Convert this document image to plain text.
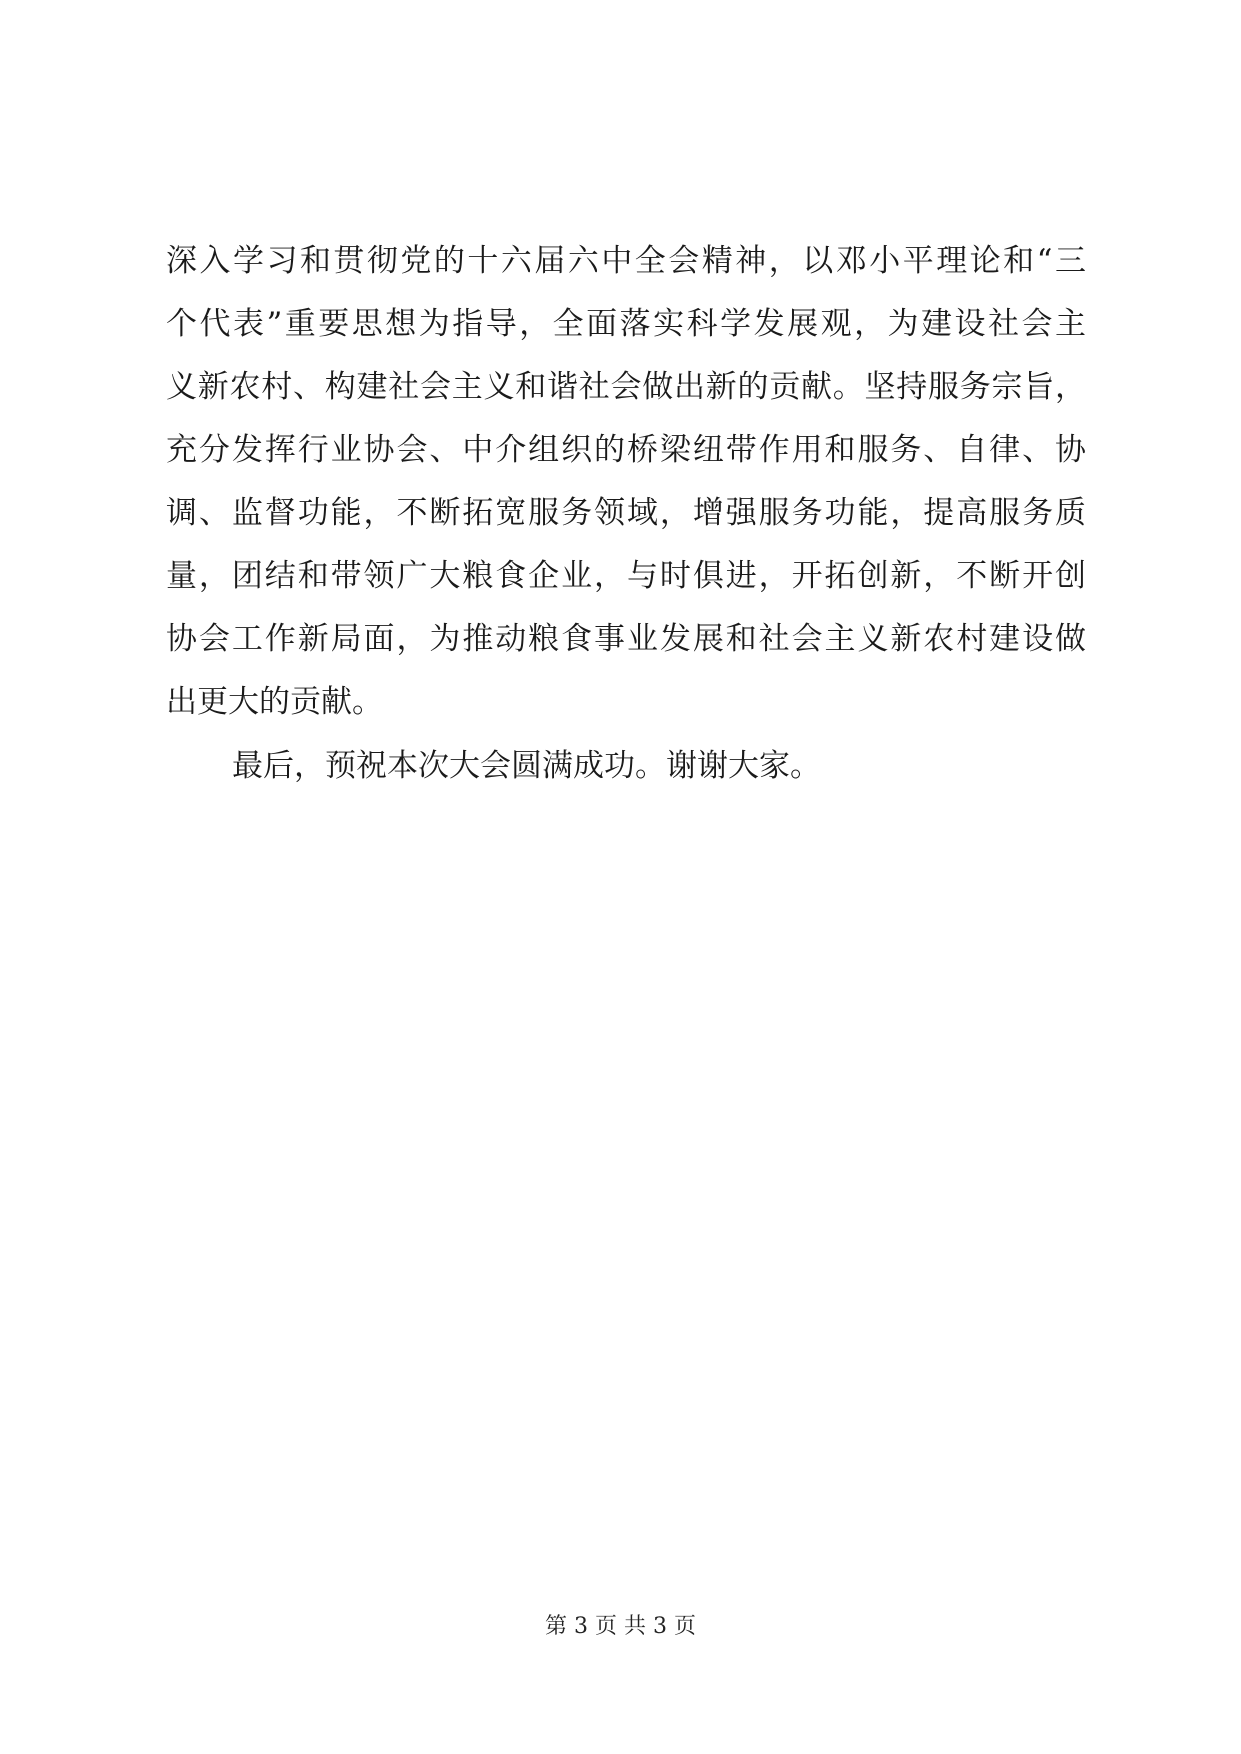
深入学习和贯彻党的十六届六中全会精神，以邓小平理论和“三
个代表”重要思想为指导，全面落实科学发展观，为建设社会主
义新农村、构建社会主义和谐社会做出新的贡献。坚持服务宗旨，
充分发挥行业协会、中介组织的桥梁纽带作用和服务、自律、协
调、监督功能，不断拓宽服务领域，增强服务功能，提高服务质
量，团结和带领广大粮食企业，与时俱进，开拓创新，不断开创
协会工作新局面，为推动粮食事业发展和社会主义新农村建设做
出更大的贡献。
最后，预祝本次大会圆满成功。谢谢大家。
第 3 页 共 3 页
